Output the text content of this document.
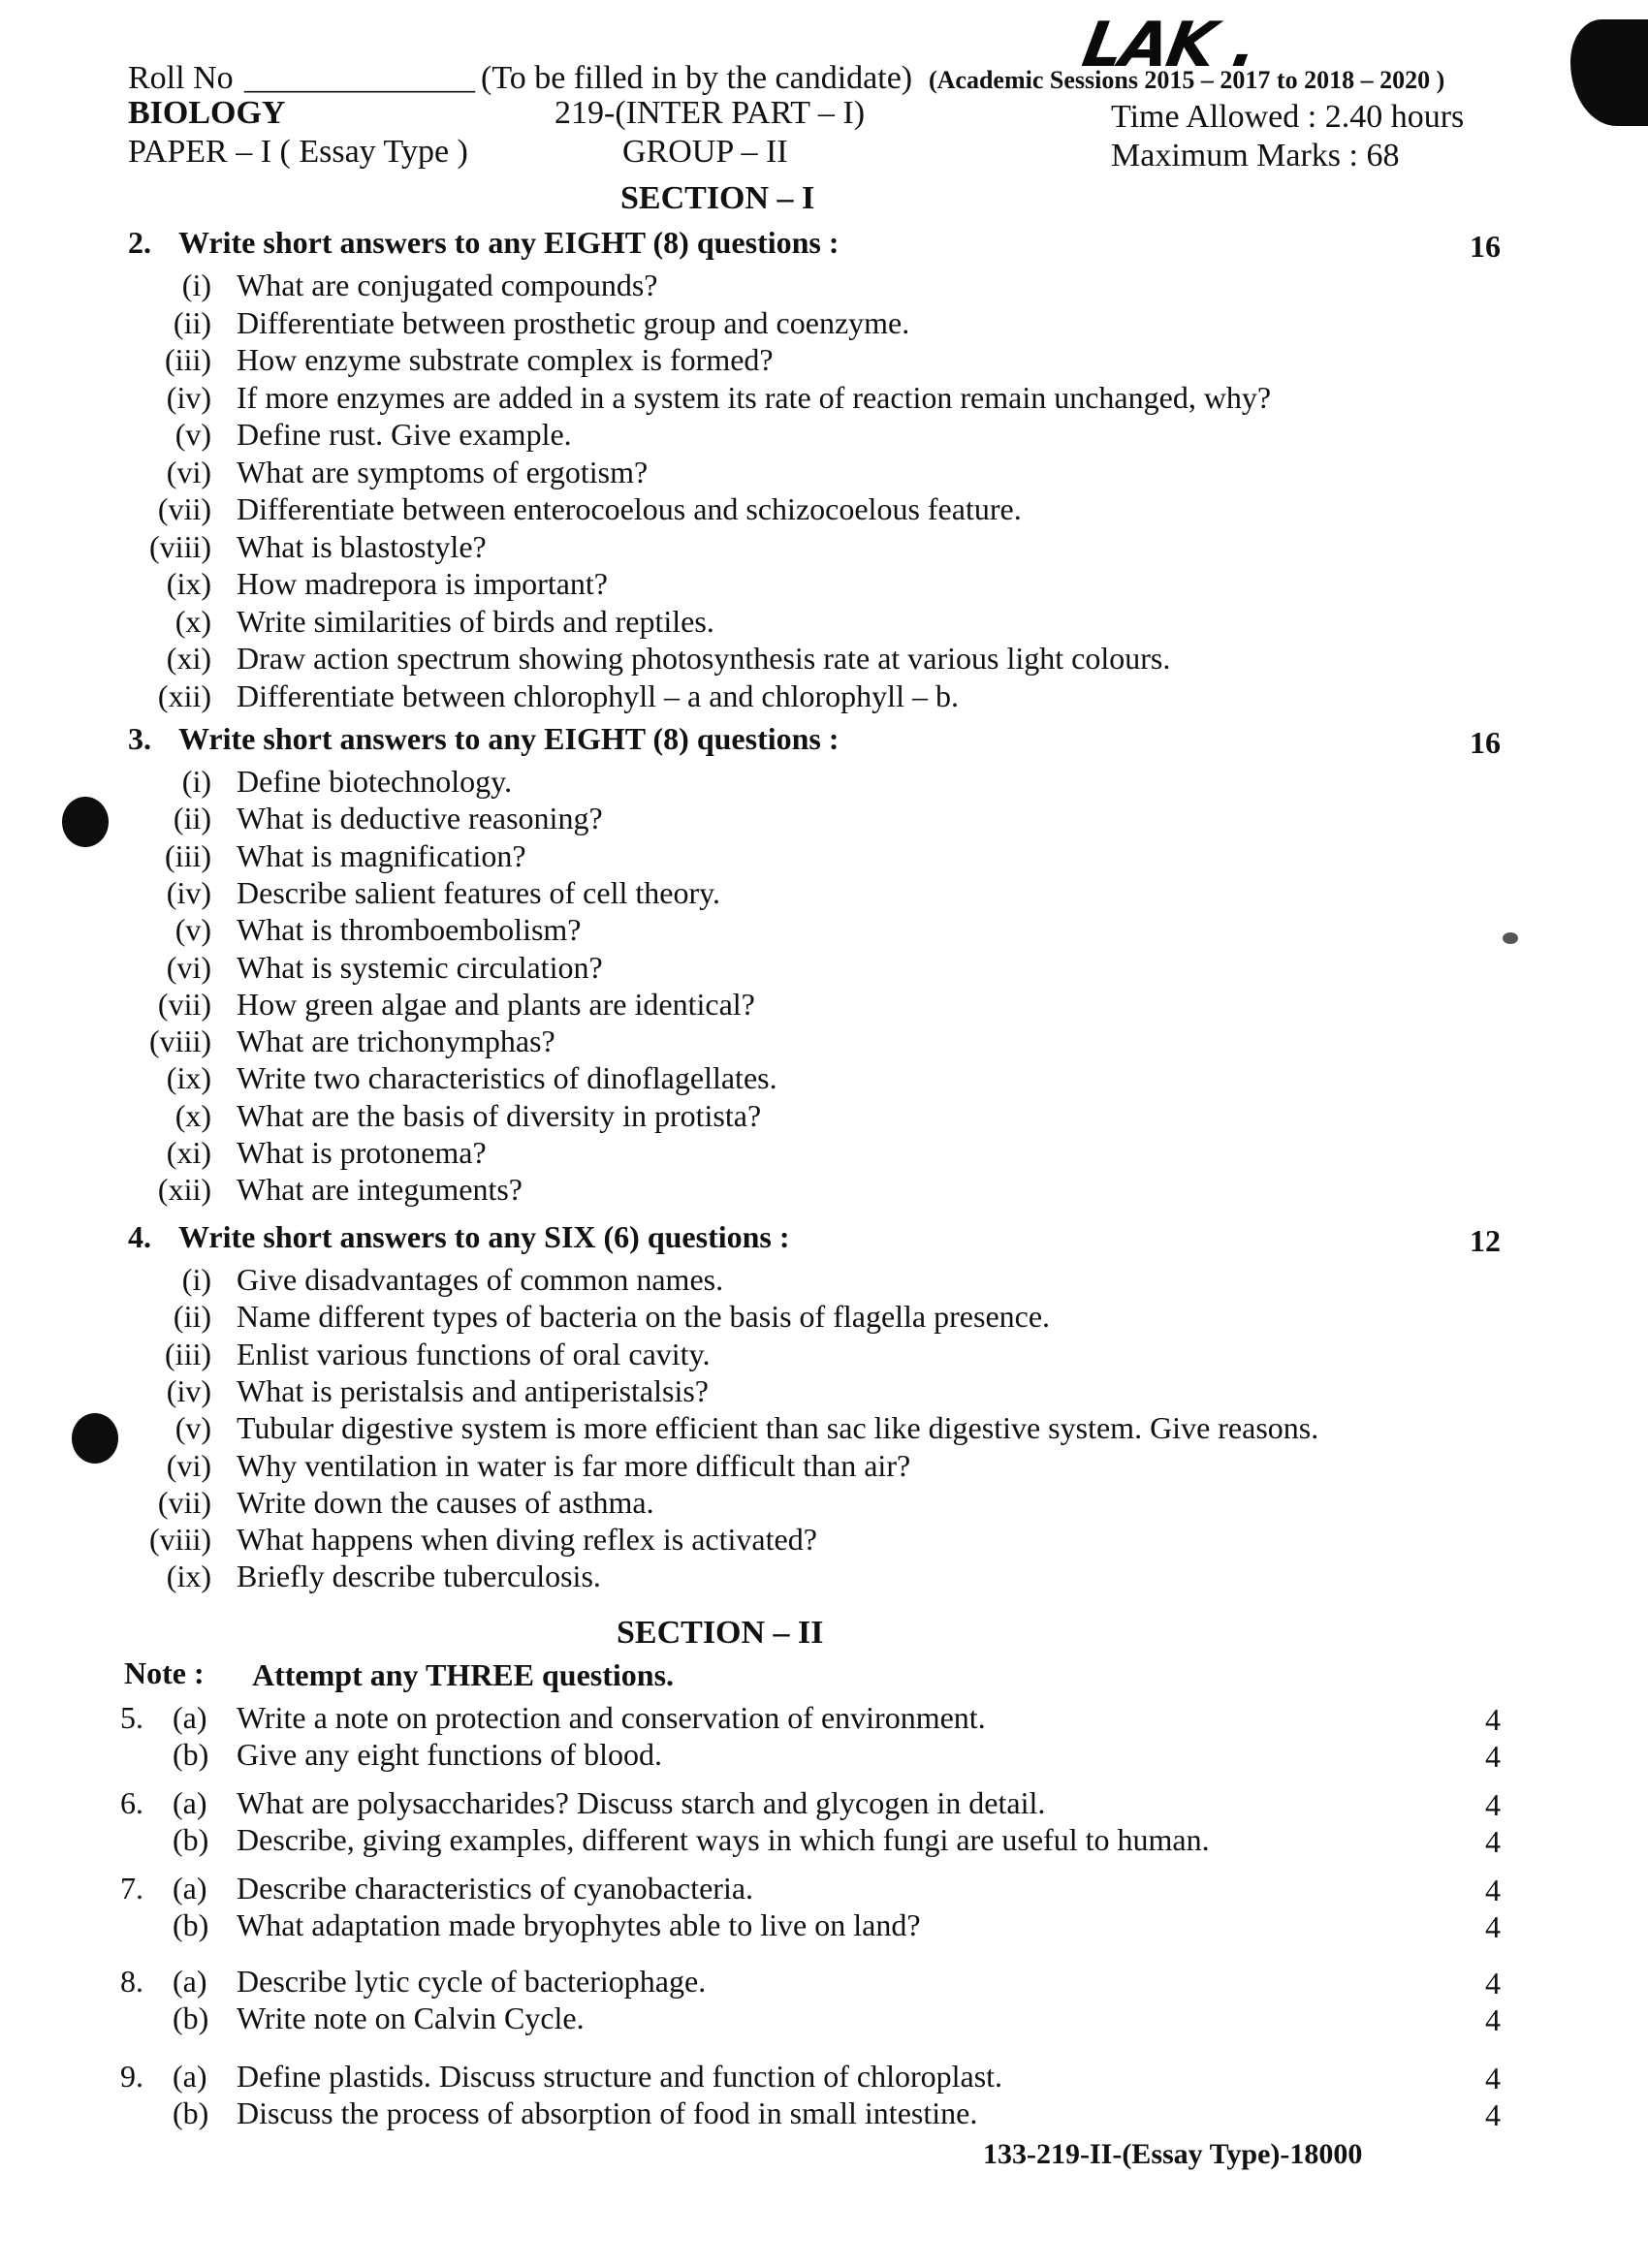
LAK .
Roll No ______________ (To be filled in by the candidate) (Academic Sessions 2015 – 2017 to 2018 – 2020 )
BIOLOGY	219-(INTER PART – I)	Time Allowed : 2.40 hours
PAPER – I ( Essay Type )	GROUP – II	Maximum Marks : 68
SECTION – I
2. Write short answers to any EIGHT (8) questions :	16
(i) What are conjugated compounds?
(ii) Differentiate between prosthetic group and coenzyme.
(iii) How enzyme substrate complex is formed?
(iv) If more enzymes are added in a system its rate of reaction remain unchanged, why?
(v) Define rust. Give example.
(vi) What are symptoms of ergotism?
(vii) Differentiate between enterocoelous and schizocoelous feature.
(viii) What is blastostyle?
(ix) How madrepora is important?
(x) Write similarities of birds and reptiles.
(xi) Draw action spectrum showing photosynthesis rate at various light colours.
(xii) Differentiate between chlorophyll – a and chlorophyll – b.
3. Write short answers to any EIGHT (8) questions :	16
(i) Define biotechnology.
(ii) What is deductive reasoning?
(iii) What is magnification?
(iv) Describe salient features of cell theory.
(v) What is thromboembolism?
(vi) What is systemic circulation?
(vii) How green algae and plants are identical?
(viii) What are trichonymphas?
(ix) Write two characteristics of dinoflagellates.
(x) What are the basis of diversity in protista?
(xi) What is protonema?
(xii) What are integuments?
4. Write short answers to any SIX (6) questions :	12
(i) Give disadvantages of common names.
(ii) Name different types of bacteria on the basis of flagella presence.
(iii) Enlist various functions of oral cavity.
(iv) What is peristalsis and antiperistalsis?
(v) Tubular digestive system is more efficient than sac like digestive system. Give reasons.
(vi) Why ventilation in water is far more difficult than air?
(vii) Write down the causes of asthma.
(viii) What happens when diving reflex is activated?
(ix) Briefly describe tuberculosis.
SECTION – II
Note : Attempt any THREE questions.
5. (a) Write a note on protection and conservation of environment.	4
(b) Give any eight functions of blood.	4
6. (a) What are polysaccharides? Discuss starch and glycogen in detail.	4
(b) Describe, giving examples, different ways in which fungi are useful to human.	4
7. (a) Describe characteristics of cyanobacteria.	4
(b) What adaptation made bryophytes able to live on land?	4
8. (a) Describe lytic cycle of bacteriophage.	4
(b) Write note on Calvin Cycle.	4
9. (a) Define plastids. Discuss structure and function of chloroplast.	4
(b) Discuss the process of absorption of food in small intestine.	4
133-219-II-(Essay Type)-18000
